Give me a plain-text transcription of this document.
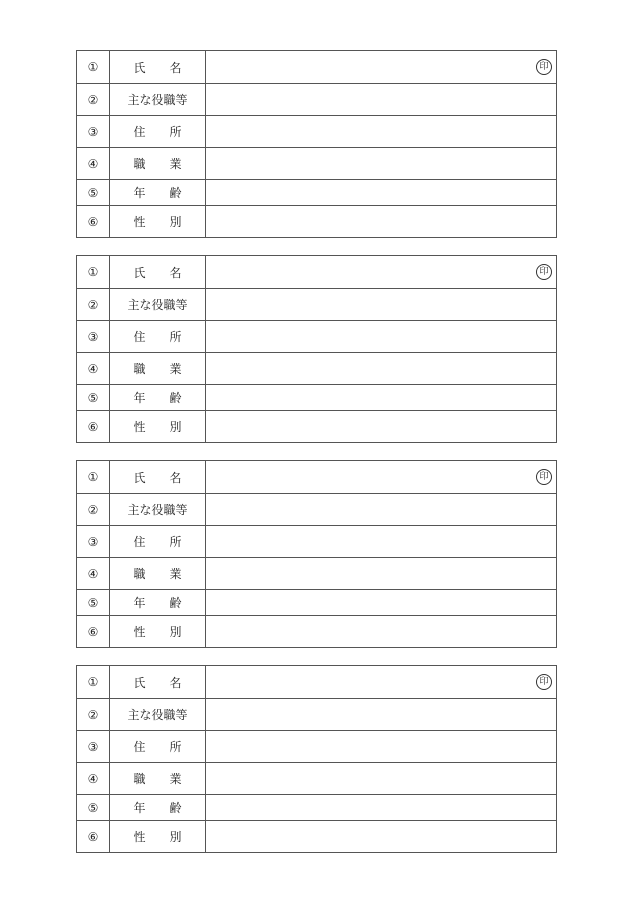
①	氏　　名	印

②	主な役職等	
③	住　　所	
④	職　　業	
⑤	年　　齢	
⑥	性　　別	
①	氏　　名	印

②	主な役職等	
③	住　　所	
④	職　　業	
⑤	年　　齢	
⑥	性　　別	
①	氏　　名	印

②	主な役職等	
③	住　　所	
④	職　　業	
⑤	年　　齢	
⑥	性　　別	
①	氏　　名	印

②	主な役職等	
③	住　　所	
④	職　　業	
⑤	年　　齢	
⑥	性　　別	
